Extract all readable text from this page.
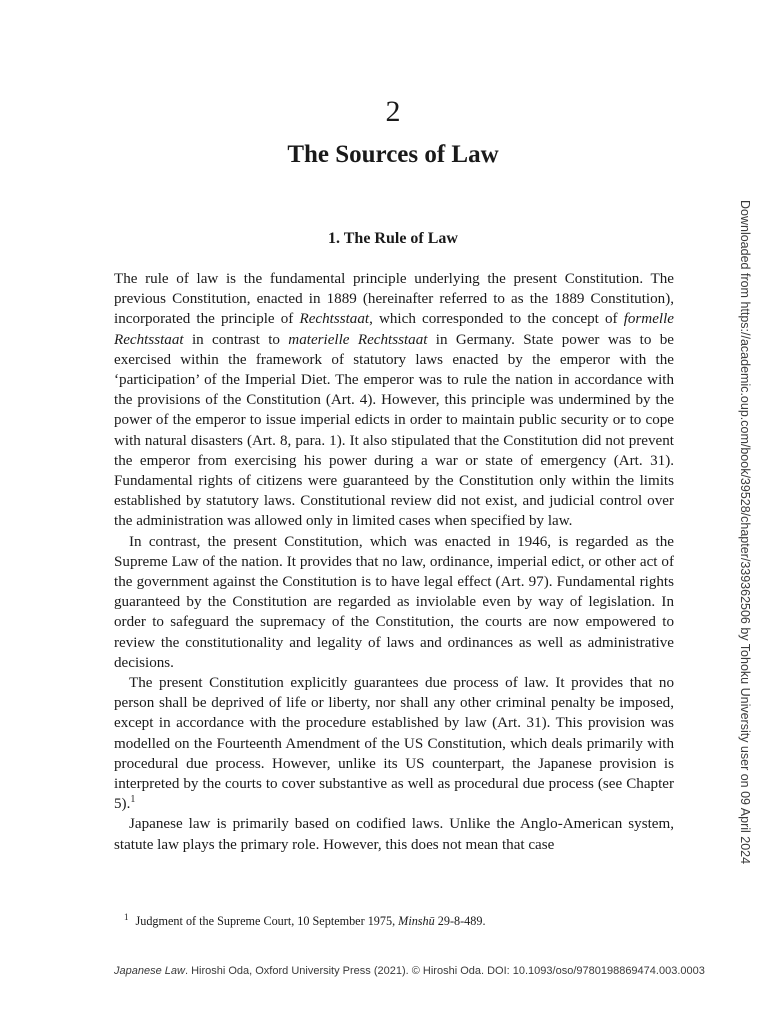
2
The Sources of Law
1. The Rule of Law

The rule of law is the fundamental principle underlying the present Constitution. The previous Constitution, enacted in 1889 (hereinafter referred to as the 1889 Constitution), incorporated the principle of Rechtsstaat, which corresponded to the concept of formelle Rechtsstaat in contrast to materielle Rechtsstaat in Germany. State power was to be exercised within the framework of statutory laws enacted by the emperor with the ‘participation’ of the Imperial Diet. The emperor was to rule the nation in accordance with the provisions of the Constitution (Art. 4). However, this principle was undermined by the power of the emperor to issue imperial edicts in order to maintain public security or to cope with natural disasters (Art. 8, para. 1). It also stipulated that the Constitution did not prevent the emperor from exercising his power during a war or state of emergency (Art. 31). Fundamental rights of citizens were guaranteed by the Constitution only within the limits established by statutory laws. Constitutional review did not exist, and judicial control over the administration was allowed only in limited cases when specified by law.

In contrast, the present Constitution, which was enacted in 1946, is regarded as the Supreme Law of the nation. It provides that no law, ordinance, imperial edict, or other act of the government against the Constitution is to have legal effect (Art. 97). Fundamental rights guaranteed by the Constitution are regarded as inviolable even by way of legislation. In order to safeguard the supremacy of the Constitution, the courts are now empowered to review the constitutionality and legality of laws and ordinances as well as administrative decisions.

The present Constitution explicitly guarantees due process of law. It provides that no person shall be deprived of life or liberty, nor shall any other criminal penalty be imposed, except in accordance with the procedure established by law (Art. 31). This provision was modelled on the Fourteenth Amendment of the US Constitution, which deals primarily with procedural due process. However, unlike its US counterpart, the Japanese provision is interpreted by the courts to cover substantive as well as procedural due process (see Chapter 5).$^1$

Japanese law is primarily based on codified laws. Unlike the Anglo-American system, statute law plays the primary role. However, this does not mean that case

$^1$ Judgment of the Supreme Court, 10 September 1975, Minshū 29-8-489.
Japanese Law. Hiroshi Oda, Oxford University Press (2021). © Hiroshi Oda. DOI: 10.1093/oso/9780198869474.003.0003
Downloaded from https://academic.oup.com/book/39528/chapter/339362506 by Tohoku University user on 09 April 2024
